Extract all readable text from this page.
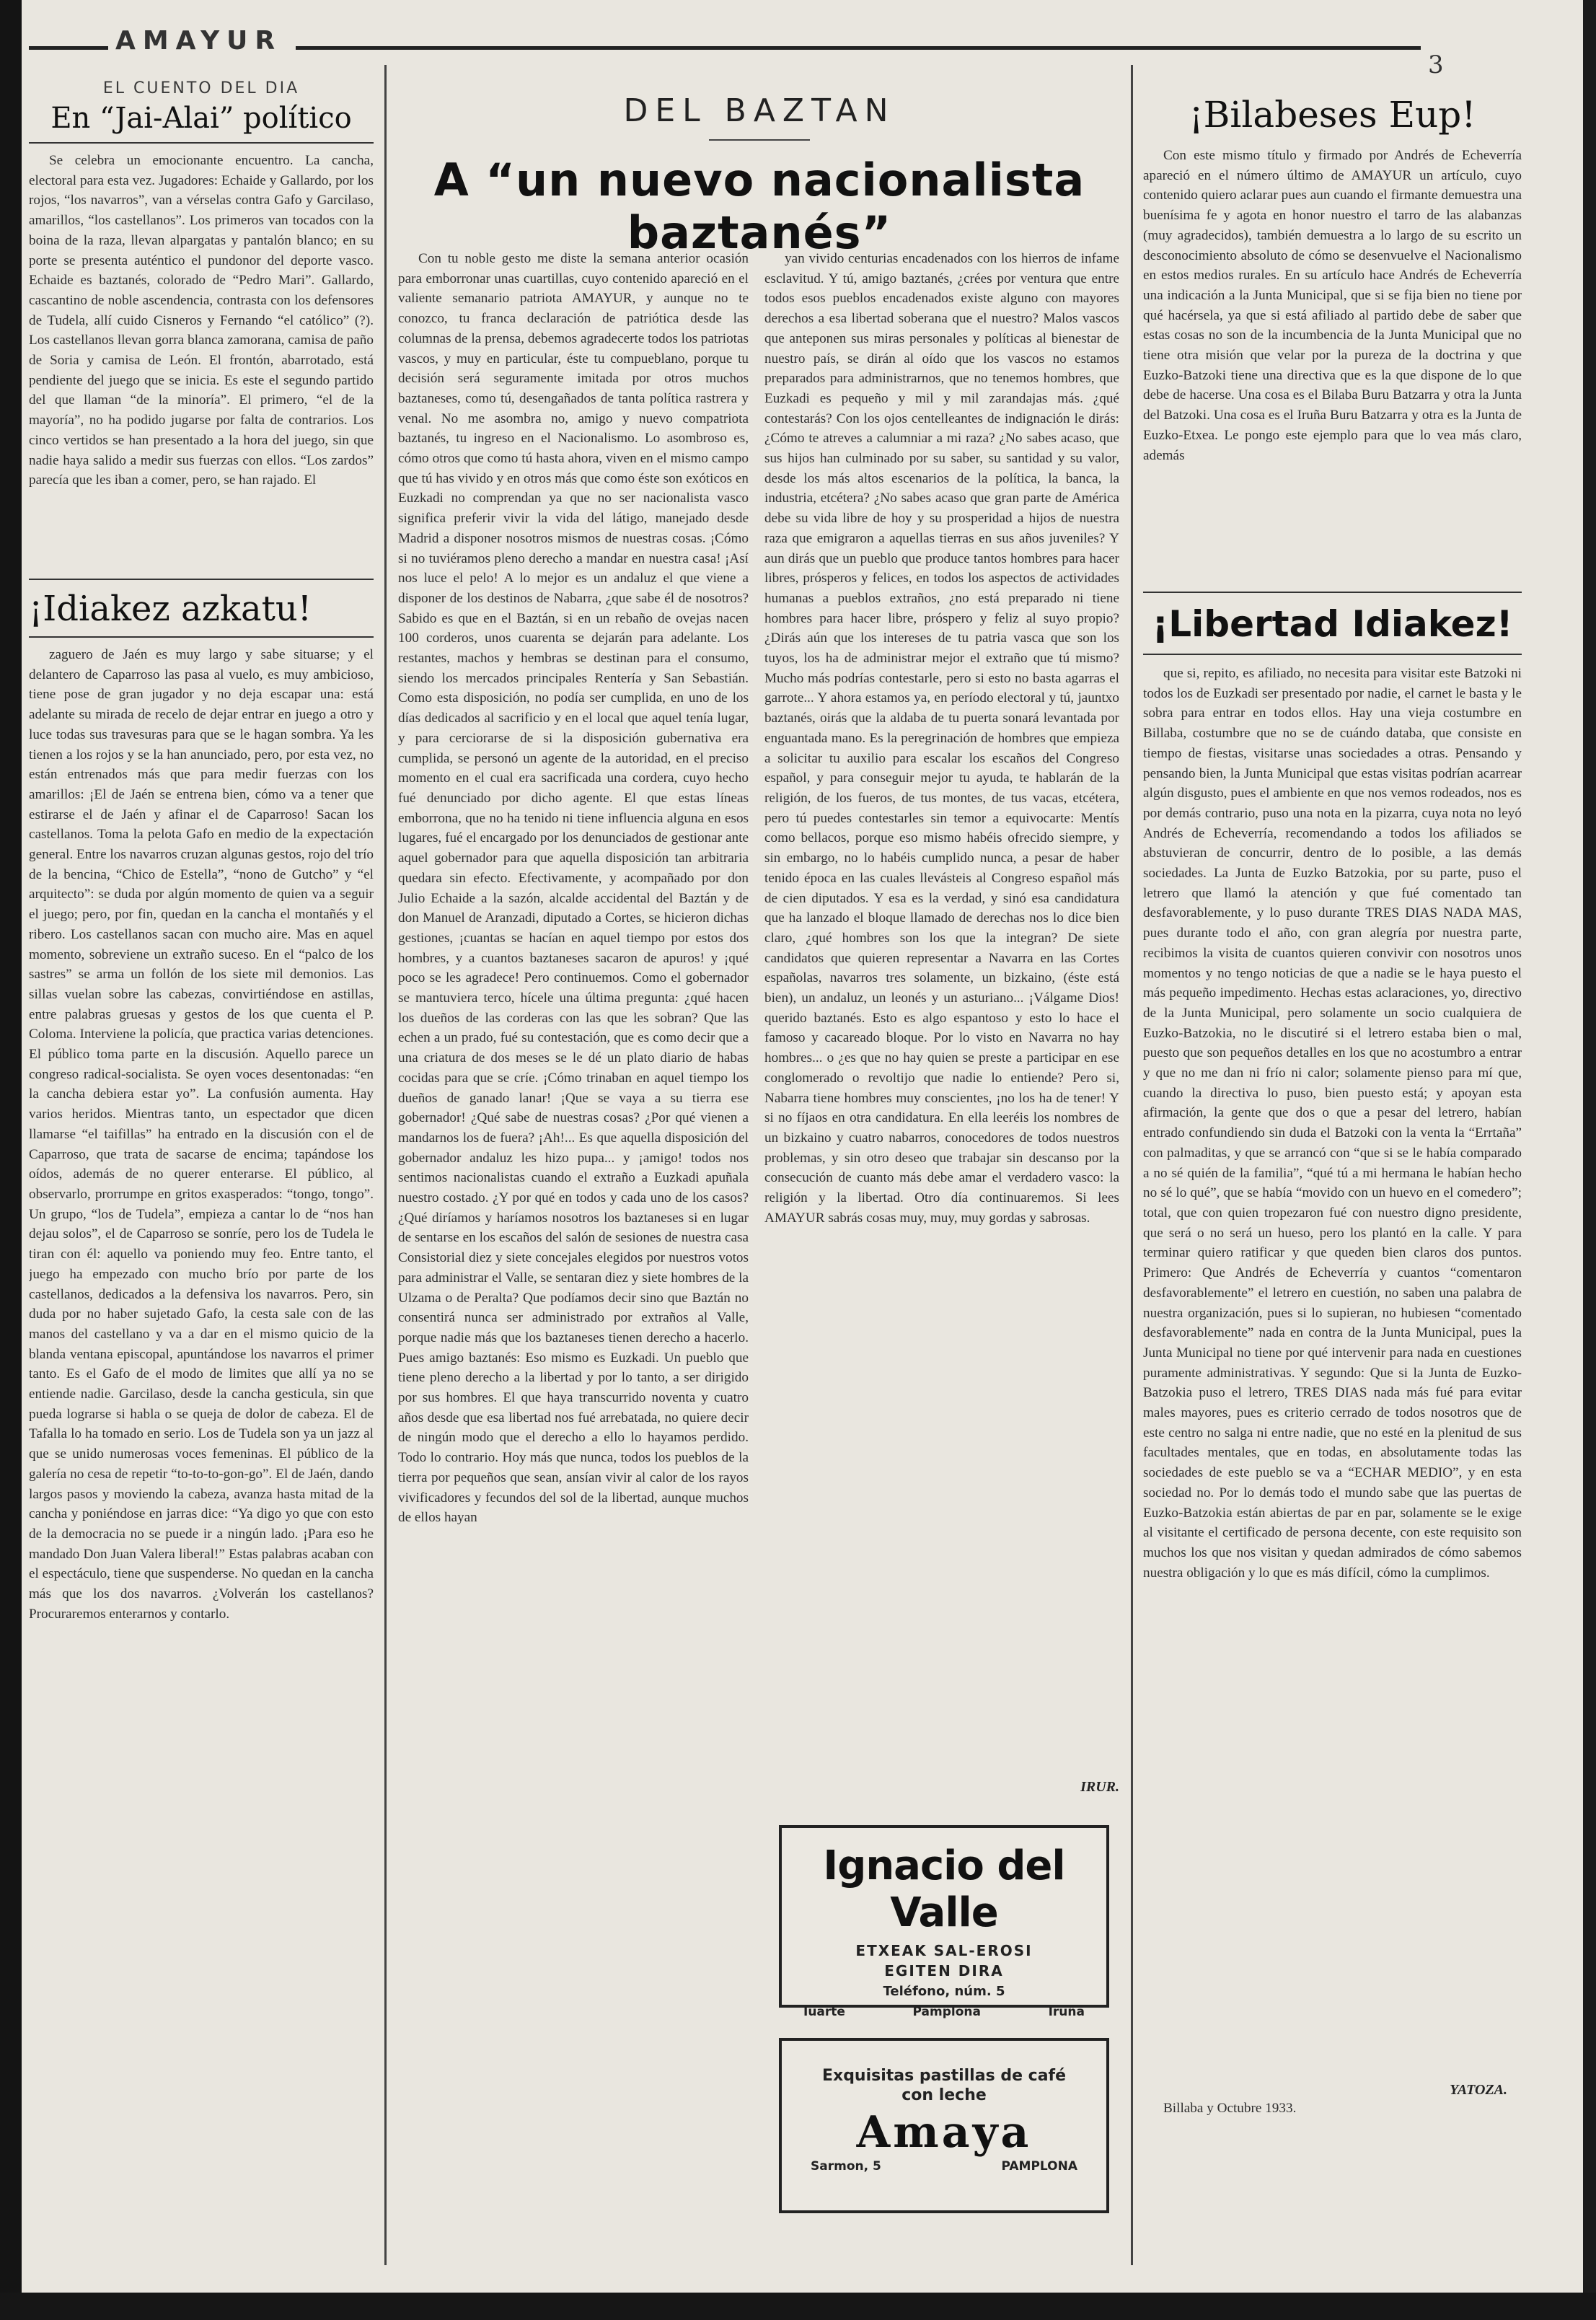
AMAYUR
3
EL CUENTO DEL DIA
En “Jai-Alai” político

Se celebra un emocionante encuentro. La cancha, electoral para esta vez. Jugadores: Echaide y Gallardo, por los rojos, “los navarros”, van a vérselas contra Gafo y Garcilaso, amarillos, “los castellanos”. Los primeros van tocados con la boina de la raza, llevan alpargatas y pantalón blanco; en su porte se presenta auténtico el pundonor del deporte vasco. Echaide es baztanés, colorado de “Pedro Mari”. Gallardo, cascantino de noble ascendencia, contrasta con los defensores de Tudela, allí cuido Cisneros y Fernando “el católico” (?). Los castellanos llevan gorra blanca zamorana, camisa de paño de Soria y camisa de León. El frontón, abarrotado, está pendiente del juego que se inicia. Es este el segundo partido del que llaman “de la minoría”. El primero, “el de la mayoría”, no ha podido jugarse por falta de contrarios. Los cinco vertidos se han presentado a la hora del juego, sin que nadie haya salido a medir sus fuerzas con ellos. “Los zardos” parecía que les iban a comer, pero, se han rajado. El

¡Idiakez azkatu!

zaguero de Jaén es muy largo y sabe situarse; y el delantero de Caparroso las pasa al vuelo, es muy ambicioso, tiene pose de gran jugador y no deja escapar una: está adelante su mirada de recelo de dejar entrar en juego a otro y luce todas sus travesuras para que se le hagan sombra. Ya les tienen a los rojos y se la han anunciado, pero, por esta vez, no están entrenados más que para medir fuerzas con los amarillos: ¡El de Jaén se entrena bien, cómo va a tener que estirarse el de Jaén y afinar el de Caparroso! Sacan los castellanos. Toma la pelota Gafo en medio de la expectación general. Entre los navarros cruzan algunas gestos, rojo del trío de la bencina, “Chico de Estella”, “nono de Gutcho” y “el arquitecto”: se duda por algún momento de quien va a seguir el juego; pero, por fin, quedan en la cancha el montañés y el ribero. Los castellanos sacan con mucho aire. Mas en aquel momento, sobreviene un extraño suceso. En el “palco de los sastres” se arma un follón de los siete mil demonios. Las sillas vuelan sobre las cabezas, convirtiéndose en astillas, entre palabras gruesas y gestos de los que cuenta el P. Coloma. Interviene la policía, que practica varias detenciones. El público toma parte en la discusión. Aquello parece un congreso radical-socialista. Se oyen voces desentonadas: “en la cancha debiera estar yo”. La confusión aumenta. Hay varios heridos. Mientras tanto, un espectador que dicen llamarse “el taifillas” ha entrado en la discusión con el de Caparroso, que trata de sacarse de encima; tapándose los oídos, además de no querer enterarse. El público, al observarlo, prorrumpe en gritos exasperados: “tongo, tongo”. Un grupo, “los de Tudela”, empieza a cantar lo de “nos han dejau solos”, el de Caparroso se sonríe, pero los de Tudela le tiran con él: aquello va poniendo muy feo. Entre tanto, el juego ha empezado con mucho brío por parte de los castellanos, dedicados a la defensiva los navarros. Pero, sin duda por no haber sujetado Gafo, la cesta sale con de las manos del castellano y va a dar en el mismo quicio de la blanda ventana episcopal, apuntándose los navarros el primer tanto. Es el Gafo de el modo de limites que allí ya no se entiende nadie. Garcilaso, desde la cancha gesticula, sin que pueda lograrse si habla o se queja de dolor de cabeza. El de Tafalla lo ha tomado en serio. Los de Tudela son ya un jazz al que se unido numerosas voces femeninas. El público de la galería no cesa de repetir “to-to-to-gon-go”. El de Jaén, dando largos pasos y moviendo la cabeza, avanza hasta mitad de la cancha y poniéndose en jarras dice: “Ya digo yo que con esto de la democracia no se puede ir a ningún lado. ¡Para eso he mandado Don Juan Valera liberal!” Estas palabras acaban con el espectáculo, tiene que suspenderse. No quedan en la cancha más que los dos navarros. ¿Volverán los castellanos? Procuraremos enterarnos y contarlo.

DEL BAZTAN
A “un nuevo nacionalista baztanés”

Con tu noble gesto me diste la semana anterior ocasión para emborronar unas cuartillas, cuyo contenido apareció en el valiente semanario patriota AMAYUR, y aunque no te conozco, tu franca declaración de patriótica desde las columnas de la prensa, debemos agradecerte todos los patriotas vascos, y muy en particular, éste tu compueblano, porque tu decisión será seguramente imitada por otros muchos baztaneses, como tú, desengañados de tanta política rastrera y venal. No me asombra no, amigo y nuevo compatriota baztanés, tu ingreso en el Nacionalismo. Lo asombroso es, cómo otros que como tú hasta ahora, viven en el mismo campo que tú has vivido y en otros más que como éste son exóticos en Euzkadi no comprendan ya que no ser nacionalista vasco significa preferir vivir la vida del látigo, manejado desde Madrid a disponer nosotros mismos de nuestras cosas. ¡Cómo si no tuviéramos pleno derecho a mandar en nuestra casa! ¡Así nos luce el pelo! A lo mejor es un andaluz el que viene a disponer de los destinos de Nabarra, ¿que sabe él de nosotros? Sabido es que en el Baztán, si en un rebaño de ovejas nacen 100 corderos, unos cuarenta se dejarán para adelante. Los restantes, machos y hembras se destinan para el consumo, siendo los mercados principales Rentería y San Sebastián. Como esta disposición, no podía ser cumplida, en uno de los días dedicados al sacrificio y en el local que aquel tenía lugar, y para cerciorarse de si la disposición gubernativa era cumplida, se personó un agente de la autoridad, en el preciso momento en el cual era sacrificada una cordera, cuyo hecho fué denunciado por dicho agente. El que estas líneas emborrona, que no ha tenido ni tiene influencia alguna en esos lugares, fué el encargado por los denunciados de gestionar ante aquel gobernador para que aquella disposición tan arbitraria quedara sin efecto. Efectivamente, y acompañado por don Julio Echaide a la sazón, alcalde accidental del Baztán y de don Manuel de Aranzadi, diputado a Cortes, se hicieron dichas gestiones, ¡cuantas se hacían en aquel tiempo por estos dos hombres, y a cuantos baztaneses sacaron de apuros! y ¡qué poco se les agradece! Pero continuemos. Como el gobernador se mantuviera terco, hícele una última pregunta: ¿qué hacen los dueños de las corderas con las que les sobran? Que las echen a un prado, fué su contestación, que es como decir que a una criatura de dos meses se le dé un plato diario de habas cocidas para que se críe. ¡Cómo trinaban en aquel tiempo los dueños de ganado lanar! ¡Que se vaya a su tierra ese gobernador! ¿Qué sabe de nuestras cosas? ¿Por qué vienen a mandarnos los de fuera? ¡Ah!... Es que aquella disposición del gobernador andaluz les hizo pupa... y ¡amigo! todos nos sentimos nacionalistas cuando el extraño a Euzkadi apuñala nuestro costado. ¿Y por qué en todos y cada uno de los casos? ¿Qué diríamos y haríamos nosotros los baztaneses si en lugar de sentarse en los escaños del salón de sesiones de nuestra casa Consistorial diez y siete concejales elegidos por nuestros votos para administrar el Valle, se sentaran diez y siete hombres de la Ulzama o de Peralta? Que podíamos decir sino que Baztán no consentirá nunca ser administrado por extraños al Valle, porque nadie más que los baztaneses tienen derecho a hacerlo. Pues amigo baztanés: Eso mismo es Euzkadi. Un pueblo que tiene pleno derecho a la libertad y por lo tanto, a ser dirigido por sus hombres. El que haya transcurrido noventa y cuatro años desde que esa libertad nos fué arrebatada, no quiere decir de ningún modo que el derecho a ello lo hayamos perdido. Todo lo contrario. Hoy más que nunca, todos los pueblos de la tierra por pequeños que sean, ansían vivir al calor de los rayos vivificadores y fecundos del sol de la libertad, aunque muchos de ellos hayan

yan vivido centurias encadenados con los hierros de infame esclavitud. Y tú, amigo baztanés, ¿crées por ventura que entre todos esos pueblos encadenados existe alguno con mayores derechos a esa libertad soberana que el nuestro? Malos vascos que anteponen sus miras personales y políticas al bienestar de nuestro país, se dirán al oído que los vascos no estamos preparados para administrarnos, que no tenemos hombres, que Euzkadi es pequeño y mil y mil zarandajas más. ¿qué contestarás? Con los ojos centelleantes de indignación le dirás: ¿Cómo te atreves a calumniar a mi raza? ¿No sabes acaso, que sus hijos han culminado por su saber, su santidad y su valor, desde los más altos escenarios de la política, la banca, la industria, etcétera? ¿No sabes acaso que gran parte de América debe su vida libre de hoy y su prosperidad a hijos de nuestra raza que emigraron a aquellas tierras en sus años juveniles? Y aun dirás que un pueblo que produce tantos hombres para hacer libres, prósperos y felices, en todos los aspectos de actividades humanas a pueblos extraños, ¿no está preparado ni tiene hombres para hacer libre, próspero y feliz al suyo propio? ¿Dirás aún que los intereses de tu patria vasca que son los tuyos, los ha de administrar mejor el extraño que tú mismo? Mucho más podrías contestarle, pero si esto no basta agarras el garrote... Y ahora estamos ya, en período electoral y tú, jauntxo baztanés, oirás que la aldaba de tu puerta sonará levantada por enguantada mano. Es la peregrinación de hombres que empieza a solicitar tu auxilio para escalar los escaños del Congreso español, y para conseguir mejor tu ayuda, te hablarán de la religión, de los fueros, de tus montes, de tus vacas, etcétera, pero tú puedes contestarles sin temor a equivocarte: Mentís como bellacos, porque eso mismo habéis ofrecido siempre, y sin embargo, no lo habéis cumplido nunca, a pesar de haber tenido época en las cuales llevásteis al Congreso español más de cien diputados. Y esa es la verdad, y sinó esa candidatura que ha lanzado el bloque llamado de derechas nos lo dice bien claro, ¿qué hombres son los que la integran? De siete candidatos que quieren representar a Navarra en las Cortes españolas, navarros tres solamente, un bizkaino, (éste está bien), un andaluz, un leonés y un asturiano... ¡Válgame Dios! querido baztanés. Esto es algo espantoso y esto lo hace el famoso y cacareado bloque. Por lo visto en Navarra no hay hombres... o ¿es que no hay quien se preste a participar en ese conglomerado o revoltijo que nadie lo entiende? Pero si, Nabarra tiene hombres muy conscientes, ¡no los ha de tener! Y si no fíjaos en otra candidatura. En ella leeréis los nombres de un bizkaino y cuatro nabarros, conocedores de todos nuestros problemas, y sin otro deseo que trabajar sin descanso por la consecución de cuanto más debe amar el verdadero vasco: la religión y la libertad. Otro día continuaremos. Si lees AMAYUR sabrás cosas muy, muy, muy gordas y sabrosas.

IRUR.
Ignacio del Valle
ETXEAK SAL-EROSI
EGITEN DIRA
Teléfono, núm. 5
Iuarte	Pamplona	Iruña
Exquisitas pastillas de café
con leche
Amaya
Sarmon, 5	PAMPLONA
¡Bilabeses Eup!

Con este mismo título y firmado por Andrés de Echeverría apareció en el número último de AMAYUR un artículo, cuyo contenido quiero aclarar pues aun cuando el firmante demuestra una buenísima fe y agota en honor nuestro el tarro de las alabanzas (muy agradecidos), también demuestra a lo largo de su escrito un desconocimiento absoluto de cómo se desenvuelve el Nacionalismo en estos medios rurales. En su artículo hace Andrés de Echeverría una indicación a la Junta Municipal, que si se fija bien no tiene por qué hacérsela, ya que si está afiliado al partido debe de saber que estas cosas no son de la incumbencia de la Junta Municipal que no tiene otra misión que velar por la pureza de la doctrina y que Euzko-Batzoki tiene una directiva que es la que dispone de lo que debe de hacerse. Una cosa es el Bilaba Buru Batzarra y otra la Junta del Batzoki. Una cosa es el Iruña Buru Batzarra y otra es la Junta de Euzko-Etxea. Le pongo este ejemplo para que lo vea más claro, además

¡Libertad Idiakez!

que si, repito, es afiliado, no necesita para visitar este Batzoki ni todos los de Euzkadi ser presentado por nadie, el carnet le basta y le sobra para entrar en todos ellos. Hay una vieja costumbre en Billaba, costumbre que no se de cuándo databa, que consiste en tiempo de fiestas, visitarse unas sociedades a otras. Pensando y pensando bien, la Junta Municipal que estas visitas podrían acarrear algún disgusto, pues el ambiente en que nos vemos rodeados, nos es por demás contrario, puso una nota en la pizarra, cuya nota no leyó Andrés de Echeverría, recomendando a todos los afiliados se abstuvieran de concurrir, dentro de lo posible, a las demás sociedades. La Junta de Euzko Batzokia, por su parte, puso el letrero que llamó la atención y que fué comentado tan desfavorablemente, y lo puso durante TRES DIAS NADA MAS, pues durante todo el año, con gran alegría por nuestra parte, recibimos la visita de cuantos quieren convivir con nosotros unos momentos y no tengo noticias de que a nadie se le haya puesto el más pequeño impedimento. Hechas estas aclaraciones, yo, directivo de la Junta Municipal, pero solamente un socio cualquiera de Euzko-Batzokia, no le discutiré si el letrero estaba bien o mal, puesto que son pequeños detalles en los que no acostumbro a entrar y que no me dan ni frío ni calor; solamente pienso para mí que, cuando la directiva lo puso, bien puesto está; y apoyan esta afirmación, la gente que dos o que a pesar del letrero, habían entrado confundiendo sin duda el Batzoki con la venta la “Errtaña” con palmaditas, y que se arrancó con “que si se le había comparado a no sé quién de la familia”, “qué tú a mi hermana le habían hecho no sé lo qué”, que se había “movido con un huevo en el comedero”; total, que con quien tropezaron fué con nuestro digno presidente, que será o no será un hueso, pero los plantó en la calle. Y para terminar quiero ratificar y que queden bien claros dos puntos. Primero: Que Andrés de Echeverría y cuantos “comentaron desfavorablemente” el letrero en cuestión, no saben una palabra de nuestra organización, pues si lo supieran, no hubiesen “comentado desfavorablemente” nada en contra de la Junta Municipal, pues la Junta Municipal no tiene por qué intervenir para nada en cuestiones puramente administrativas. Y segundo: Que si la Junta de Euzko-Batzokia puso el letrero, TRES DIAS nada más fué para evitar males mayores, pues es criterio cerrado de todos nosotros que de este centro no salga ni entre nadie, que no esté en la plenitud de sus facultades mentales, que en todas, en absolutamente todas las sociedades de este pueblo se va a “ECHAR MEDIO”, y en esta sociedad no. Por lo demás todo el mundo sabe que las puertas de Euzko-Batzokia están abiertas de par en par, solamente se le exige al visitante el certificado de persona decente, con este requisito son muchos los que nos visitan y quedan admirados de cómo sabemos nuestra obligación y lo que es más difícil, cómo la cumplimos.

YATOZA.
Billaba y Octubre 1933.
